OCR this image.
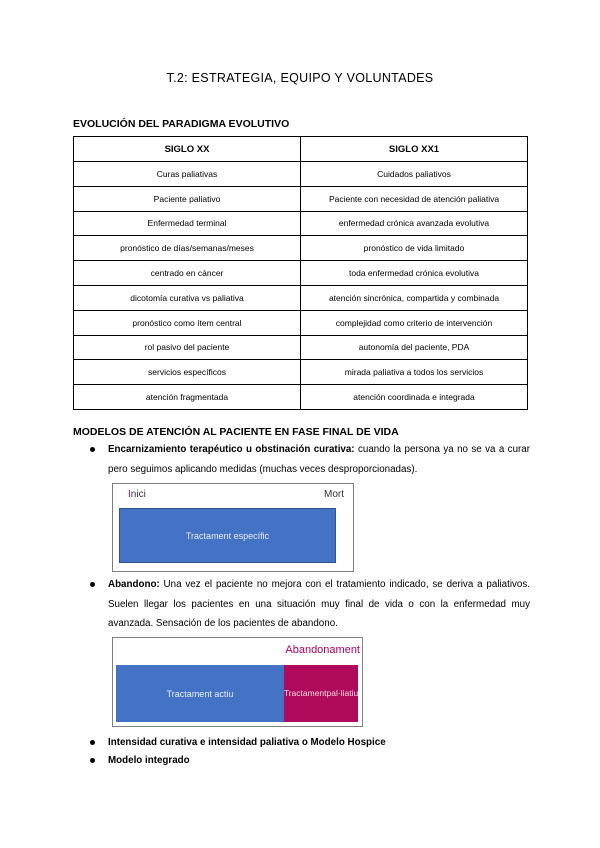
T.2: ESTRATEGIA, EQUIPO Y VOLUNTADES
EVOLUCIÓN DEL PARADIGMA EVOLUTIVO
SIGLO XX	SIGLO XX1
Curas paliativas	Cuidados paliativos
Paciente paliativo	Paciente con necesidad de atención paliativa
Enfermedad terminal	enfermedad crónica avanzada evolutiva
pronóstico de días/semanas/meses	pronóstico de vida limitado
centrado en cáncer	toda enfermedad crónica evolutiva
dicotomía curativa vs paliativa	atención sincrónica, compartida y combinada
pronóstico como ítem central	complejidad como criterio de intervención
rol pasivo del paciente	autonomía del paciente, PDA
servicios específicos	mirada paliativa a todos los servicios
atención fragmentada	atención coordinada e integrada
MODELOS DE ATENCIÓN AL PACIENTE EN FASE FINAL DE VIDA
Encarnizamiento terapéutico u obstinación curativa: cuando la persona ya no se va a curar pero seguimos aplicando medidas (muchas veces desproporcionadas).
Inici	Mort
Tractament específic
Abandono: Una vez el paciente no mejora con el tratamiento indicado, se deriva a paliativos. Suelen llegar los pacientes en una situación muy final de vida o con la enfermedad muy avanzada. Sensación de los pacientes de abandono.
Abandonament
Tractament actiu	Tractament pal·liatiu
Intensidad curativa e intensidad paliativa o Modelo Hospice
Modelo integrado
